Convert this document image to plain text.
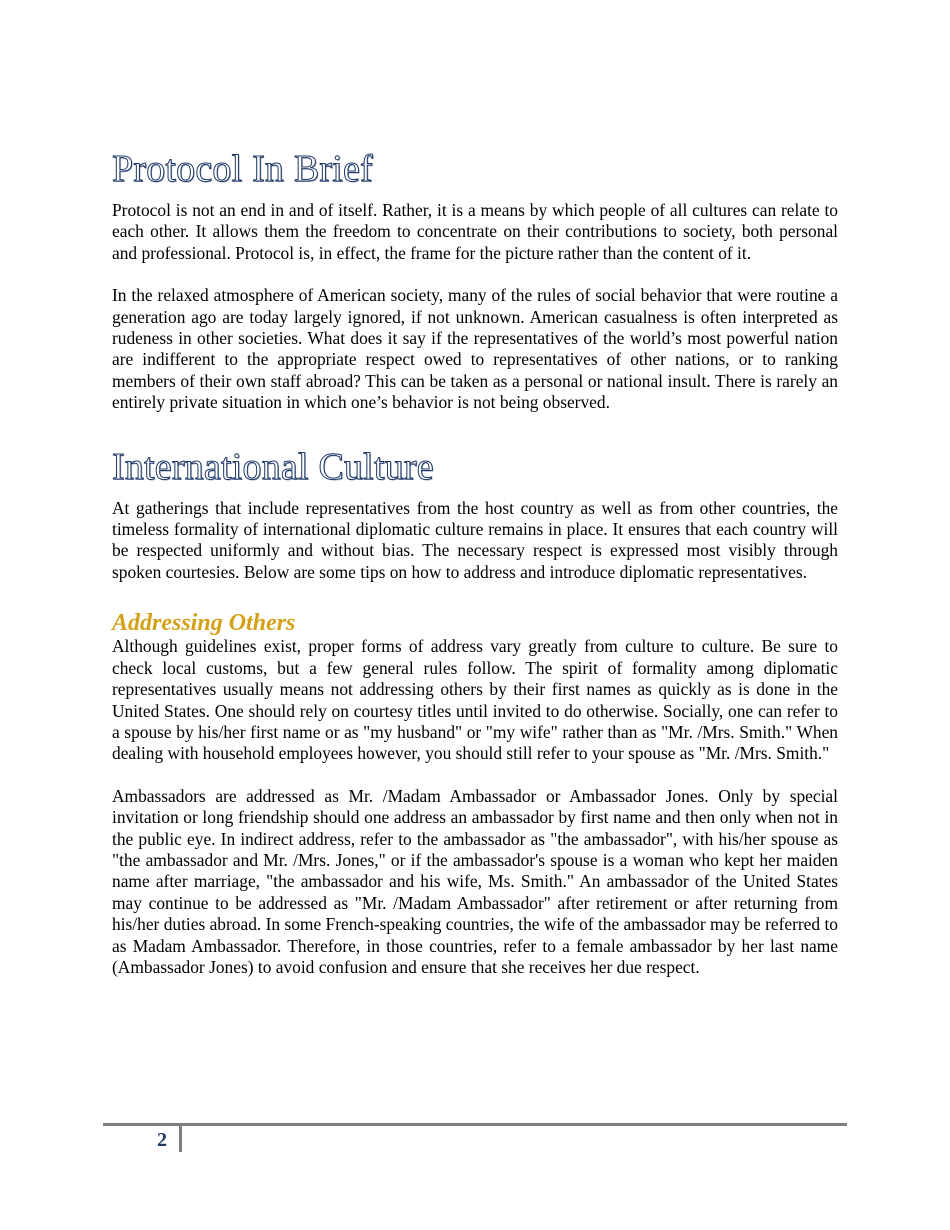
Protocol In Brief

Protocol is not an end in and of itself. Rather, it is a means by which people of all cultures can relate to each other. It allows them the freedom to concentrate on their contributions to society, both personal and professional. Protocol is, in effect, the frame for the picture rather than the content of it.

In the relaxed atmosphere of American society, many of the rules of social behavior that were routine a generation ago are today largely ignored, if not unknown. American casualness is often interpreted as rudeness in other societies. What does it say if the representatives of the world’s most powerful nation are indifferent to the appropriate respect owed to representatives of other nations, or to ranking members of their own staff abroad? This can be taken as a personal or national insult. There is rarely an entirely private situation in which one’s behavior is not being observed.

International Culture

At gatherings that include representatives from the host country as well as from other countries, the timeless formality of international diplomatic culture remains in place. It ensures that each country will be respected uniformly and without bias. The necessary respect is expressed most visibly through spoken courtesies. Below are some tips on how to address and introduce diplomatic representatives.

Addressing Others

Although guidelines exist, proper forms of address vary greatly from culture to culture. Be sure to check local customs, but a few general rules follow. The spirit of formality among diplomatic representatives usually means not addressing others by their first names as quickly as is done in the United States. One should rely on courtesy titles until invited to do otherwise. Socially, one can refer to a spouse by his/her first name or as "my husband" or "my wife" rather than as "Mr. /Mrs. Smith." When dealing with household employees however, you should still refer to your spouse as "Mr. /Mrs. Smith."

Ambassadors are addressed as Mr. /Madam Ambassador or Ambassador Jones. Only by special invitation or long friendship should one address an ambassador by first name and then only when not in the public eye. In indirect address, refer to the ambassador as "the ambassador", with his/her spouse as "the ambassador and Mr. /Mrs. Jones," or if the ambassador's spouse is a woman who kept her maiden name after marriage, "the ambassador and his wife, Ms. Smith." An ambassador of the United States may continue to be addressed as "Mr. /Madam Ambassador" after retirement or after returning from his/her duties abroad. In some French-speaking countries, the wife of the ambassador may be referred to as Madam Ambassador. Therefore, in those countries, refer to a female ambassador by her last name (Ambassador Jones) to avoid confusion and ensure that she receives her due respect.

2
